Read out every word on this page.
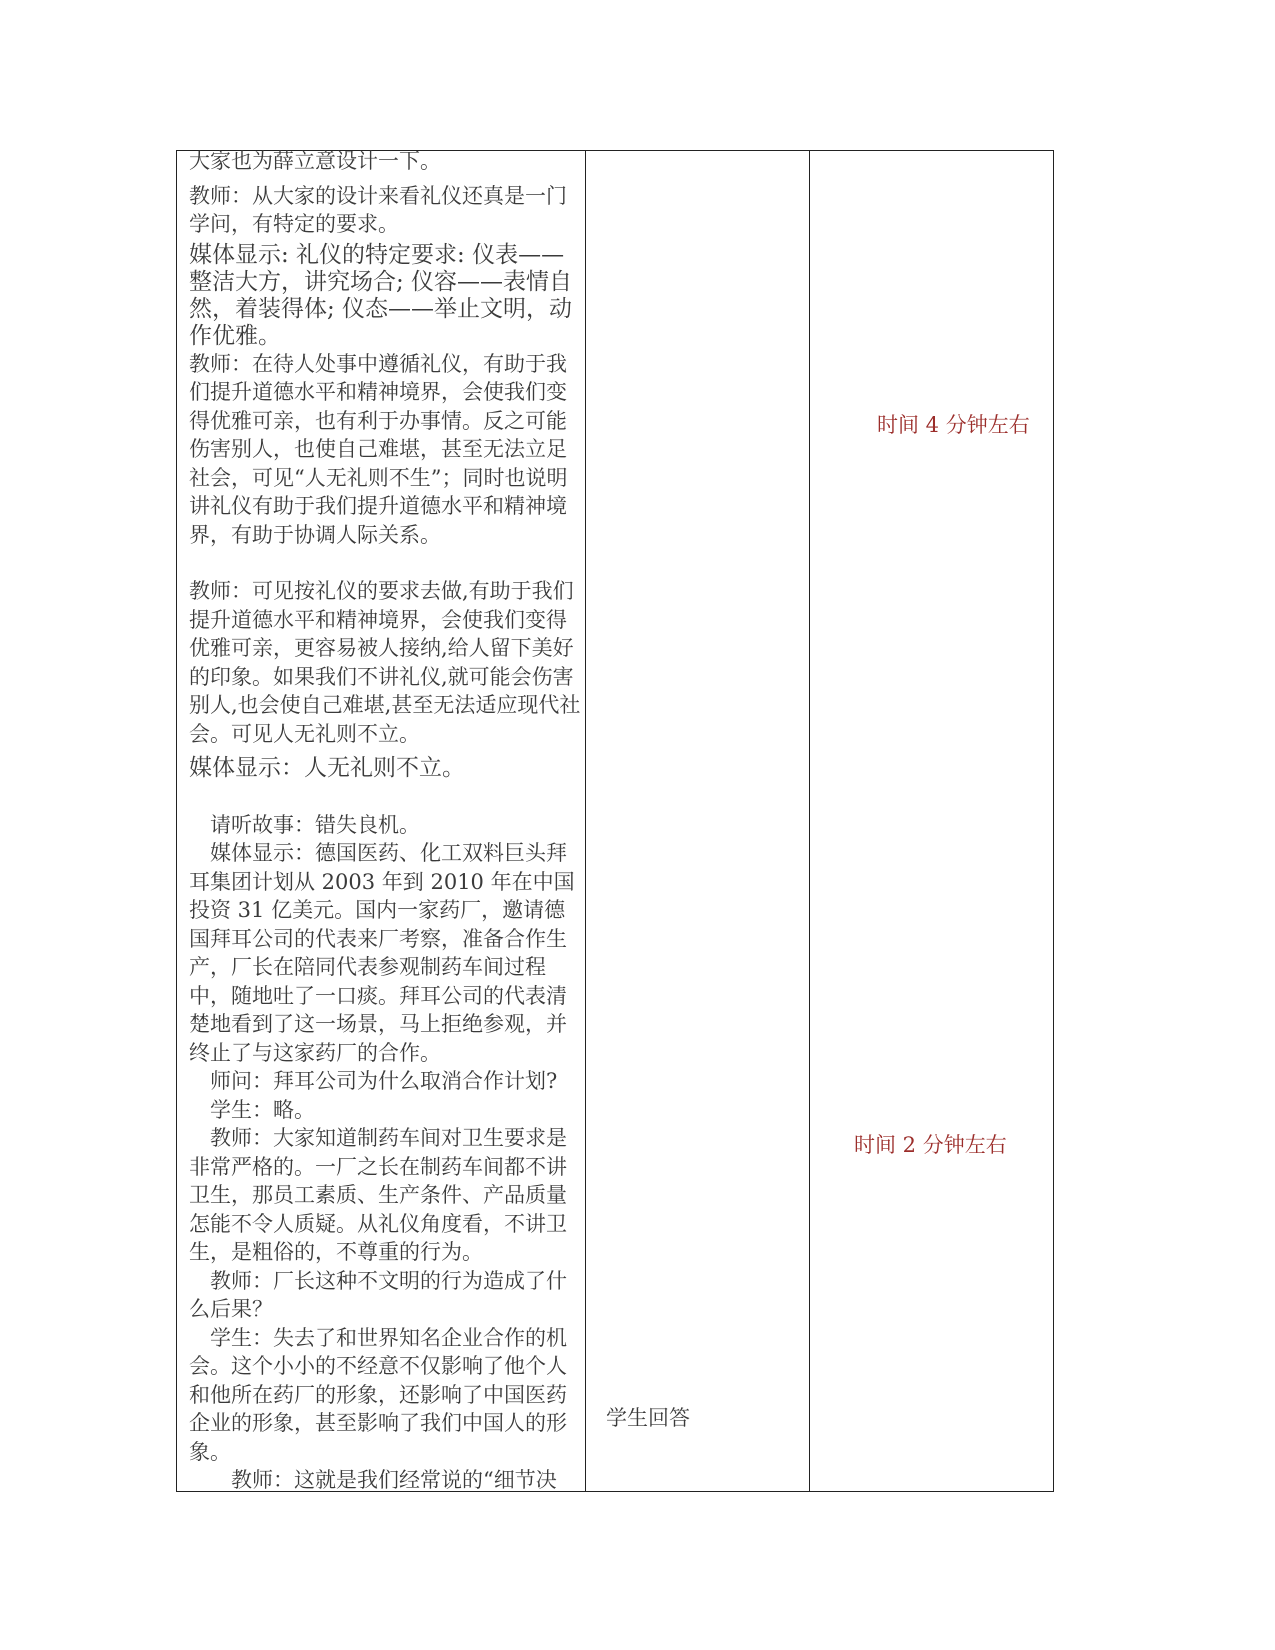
大家也为薛立意设计一下。

教师：从大家的设计来看礼仪还真是一门学问，有特定的要求。

媒体显示: 礼仪的特定要求: 仪表——整洁大方，讲究场合; 仪容——表情自然，着装得体; 仪态——举止文明，动作优雅。

教师：在待人处事中遵循礼仪，有助于我们提升道德水平和精神境界，会使我们变得优雅可亲，也有利于办事情。反之可能伤害别人，也使自己难堪，甚至无法立足社会，可见“人无礼则不生”；同时也说明讲礼仪有助于我们提升道德水平和精神境界，有助于协调人际关系。

教师：可见按礼仪的要求去做,有助于我们提升道德水平和精神境界，会使我们变得优雅可亲，更容易被人接纳,给人留下美好的印象。如果我们不讲礼仪,就可能会伤害别人,也会使自己难堪,甚至无法适应现代社会。可见人无礼则不立。

媒体显示：人无礼则不立。

请听故事：错失良机。

媒体显示：德国医药、化工双料巨头拜耳集团计划从 2003 年到 2010 年在中国投资 31 亿美元。国内一家药厂，邀请德国拜耳公司的代表来厂考察，准备合作生产，厂长在陪同代表参观制药车间过程中，随地吐了一口痰。拜耳公司的代表清楚地看到了这一场景，马上拒绝参观，并终止了与这家药厂的合作。

师问：拜耳公司为什么取消合作计划?

学生：略。

教师：大家知道制药车间对卫生要求是非常严格的。一厂之长在制药车间都不讲卫生，那员工素质、生产条件、产品质量怎能不令人质疑。从礼仪角度看，不讲卫生，是粗俗的，不尊重的行为。

教师：厂长这种不文明的行为造成了什么后果？

学生：失去了和世界知名企业合作的机会。这个小小的不经意不仅影响了他个人和他所在药厂的形象，还影响了中国医药企业的形象，甚至影响了我们中国人的形象。

教师：这就是我们经常说的“细节决

学生回答
时间 4 分钟左右
时间 2 分钟左右
